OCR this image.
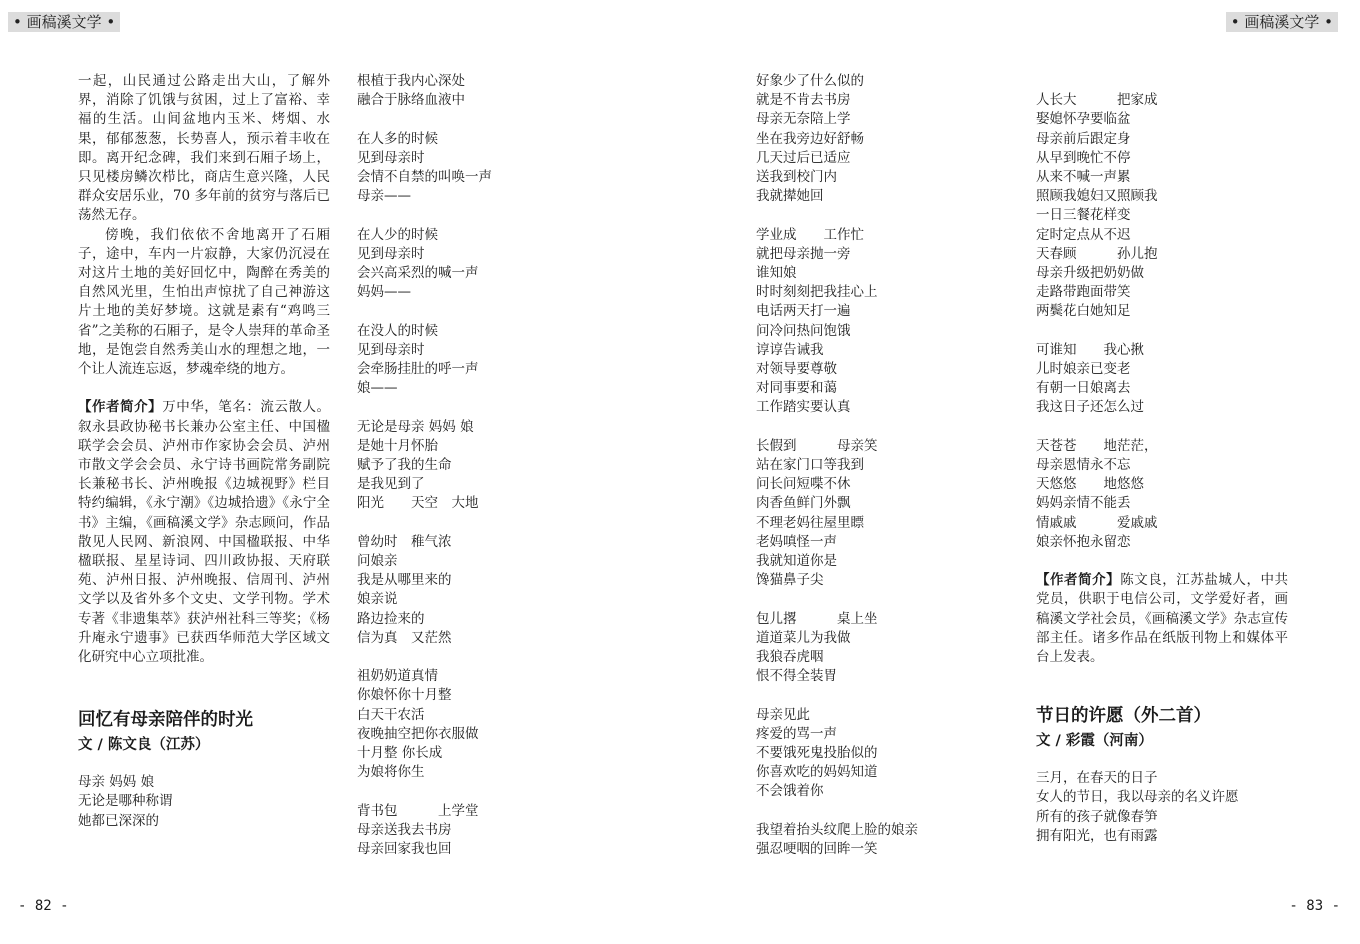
• 画稿溪文学 •	• 画稿溪文学 •

一起，山民通过公路走出大山，了解外界，消除了饥饿与贫困，过上了富裕、幸福的生活。山间盆地内玉米、烤烟、水果，郁郁葱葱，长势喜人，预示着丰收在即。离开纪念碑，我们来到石厢子场上，只见楼房鳞次栉比，商店生意兴隆，人民群众安居乐业，70 多年前的贫穷与落后已荡然无存。

傍晚，我们依依不舍地离开了石厢子，途中，车内一片寂静，大家仍沉浸在对这片土地的美好回忆中，陶醉在秀美的自然风光里，生怕出声惊扰了自己神游这片土地的美好梦境。这就是素有“鸡鸣三省”之美称的石厢子，是令人崇拜的革命圣地，是饱尝自然秀美山水的理想之地，一个让人流连忘返，梦魂牵绕的地方。

【作者简介】万中华，笔名：流云散人。叙永县政协秘书长兼办公室主任、中国楹联学会会员、泸州市作家协会会员、泸州市散文学会会员、永宁诗书画院常务副院长兼秘书长、泸州晚报《边城视野》栏目特约编辑，《永宁潮》《边城拾遗》《永宁全书》主编，《画稿溪文学》杂志顾问，作品散见人民网、新浪网、中国楹联报、中华楹联报、星星诗词、四川政协报、天府联苑、泸州日报、泸州晚报、信周刊、泸州文学以及省外多个文史、文学刊物。学术专著《非遗集萃》获泸州社科三等奖；《杨升庵永宁遗事》已获西华师范大学区域文化研究中心立项批准。

回忆有母亲陪伴的时光

文 / 陈文良（江苏）

母亲 妈妈 娘

无论是哪种称谓

她都已深深的

根植于我内心深处

融合于脉络血液中

在人多的时候

见到母亲时

会情不自禁的叫唤一声

母亲——

在人少的时候

见到母亲时

会兴高采烈的喊一声

妈妈——

在没人的时候

见到母亲时

会牵肠挂肚的呼一声

娘——

无论是母亲 妈妈 娘

是她十月怀胎

赋予了我的生命

是我见到了

阳光　　天空　大地

曾幼时　稚气浓

问娘亲

我是从哪里来的

娘亲说

路边捡来的

信为真　又茫然

祖奶奶道真情

你娘怀你十月整

白天干农活

夜晚抽空把你衣服做

十月整 你长成

为娘将你生

背书包　　　上学堂

母亲送我去书房

母亲回家我也回

好象少了什么似的

就是不肯去书房

母亲无奈陪上学

坐在我旁边好舒畅

几天过后已适应

送我到校门内

我就撵她回

学业成　　工作忙

就把母亲抛一旁

谁知娘

时时刻刻把我挂心上

电话两天打一遍

问冷问热问饱饿

谆谆告诫我

对领导要尊敬

对同事要和蔼

工作踏实要认真

长假到　　　母亲笑

站在家门口等我到

问长问短喋不休

肉香鱼鲜门外飘

不理老妈往屋里瞟

老妈嗔怪一声

我就知道你是

馋猫鼻子尖

包儿撂　　　桌上坐

道道菜儿为我做

我狼吞虎咽

恨不得全装胃

母亲见此

疼爱的骂一声

不要饿死鬼投胎似的

你喜欢吃的妈妈知道

不会饿着你

我望着抬头纹爬上脸的娘亲

强忍哽咽的回眸一笑

人长大　　　把家成

娶媳怀孕要临盆

母亲前后跟定身

从早到晚忙不停

从来不喊一声累

照顾我媳妇又照顾我

一日三餐花样变

定时定点从不迟

天春顾　　　孙儿抱

母亲升级把奶奶做

走路带跑面带笑

两鬓花白她知足

可谁知　　我心揪

儿时娘亲已变老

有朝一日娘离去

我这日子还怎么过

天苍苍　　地茫茫，

母亲恩情永不忘

天悠悠　　地悠悠

妈妈亲情不能丢

情戚戚　　　爱戚戚

娘亲怀抱永留恋

【作者简介】陈文良，江苏盐城人，中共党员，供职于电信公司，文学爱好者，画稿溪文学社会员，《画稿溪文学》杂志宣传部主任。诸多作品在纸版刊物上和媒体平台上发表。

节日的许愿（外二首）

文 / 彩霞（河南）

三月，在春天的日子

女人的节日，我以母亲的名义许愿

所有的孩子就像春笋

拥有阳光，也有雨露

- 82 -	- 83 -
